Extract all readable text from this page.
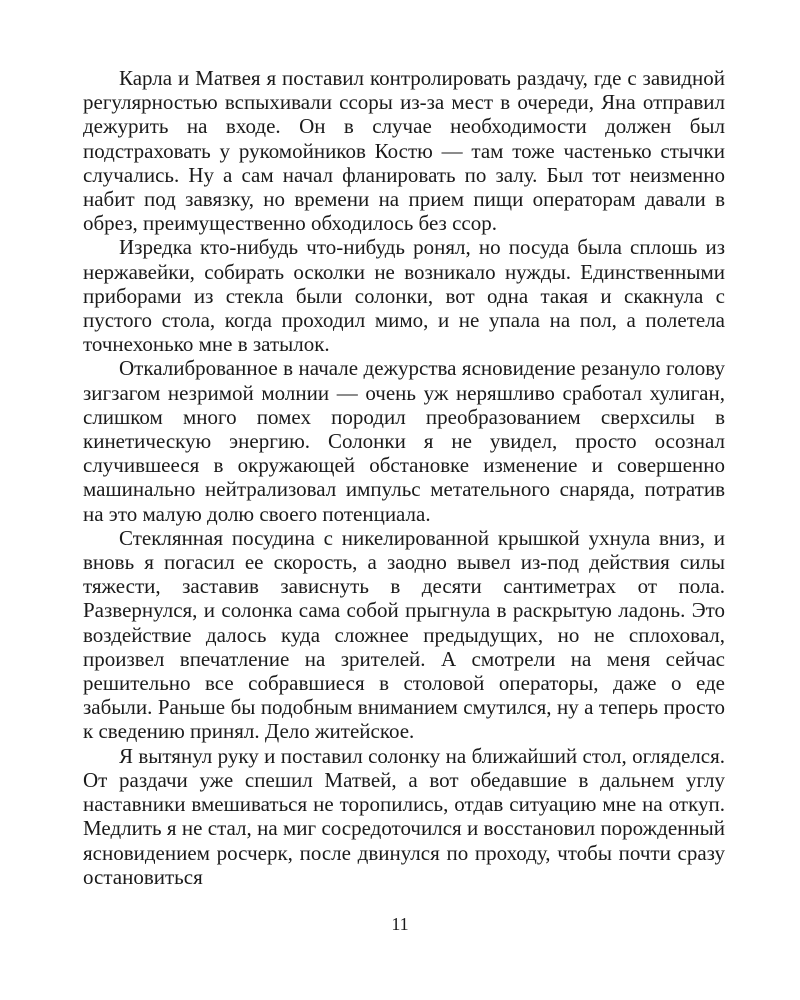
Карла и Матвея я поставил контролировать раздачу, где с завидной регулярностью вспыхивали ссоры из-за мест в очереди, Яна отправил дежурить на входе. Он в случае необходимости должен был подстраховать у рукомойников Костю — там тоже частенько стычки случались. Ну а сам начал фланировать по залу. Был тот неизменно набит под завязку, но времени на прием пищи операторам давали в обрез, преимущественно обходилось без ссор.

Изредка кто-нибудь что-нибудь ронял, но посуда была сплошь из нержавейки, собирать осколки не возникало нужды. Единственными приборами из стекла были солонки, вот одна такая и скакнула с пустого стола, когда проходил мимо, и не упала на пол, а полетела точнехонько мне в затылок.

Откалиброванное в начале дежурства ясновидение резануло голову зигзагом незримой молнии — очень уж неряшливо сработал хулиган, слишком много помех породил преобразованием сверхсилы в кинетическую энергию. Солонки я не увидел, просто осознал случившееся в окружающей обстановке изменение и совершенно машинально нейтрализовал импульс метательного снаряда, потратив на это малую долю своего потенциала.

Стеклянная посудина с никелированной крышкой ухнула вниз, и вновь я погасил ее скорость, а заодно вывел из-под действия силы тяжести, заставив зависнуть в десяти сантиметрах от пола. Развернулся, и солонка сама собой прыгнула в раскрытую ладонь. Это воздействие далось куда сложнее предыдущих, но не сплоховал, произвел впечатление на зрителей. А смотрели на меня сейчас решительно все собравшиеся в столовой операторы, даже о еде забыли. Раньше бы подобным вниманием смутился, ну а теперь просто к сведению принял. Дело житейское.

Я вытянул руку и поставил солонку на ближайший стол, огляделся. От раздачи уже спешил Матвей, а вот обедавшие в дальнем углу наставники вмешиваться не торопились, отдав ситуацию мне на откуп. Медлить я не стал, на миг сосредоточился и восстановил порожденный ясновидением росчерк, после двинулся по проходу, чтобы почти сразу остановиться

11
